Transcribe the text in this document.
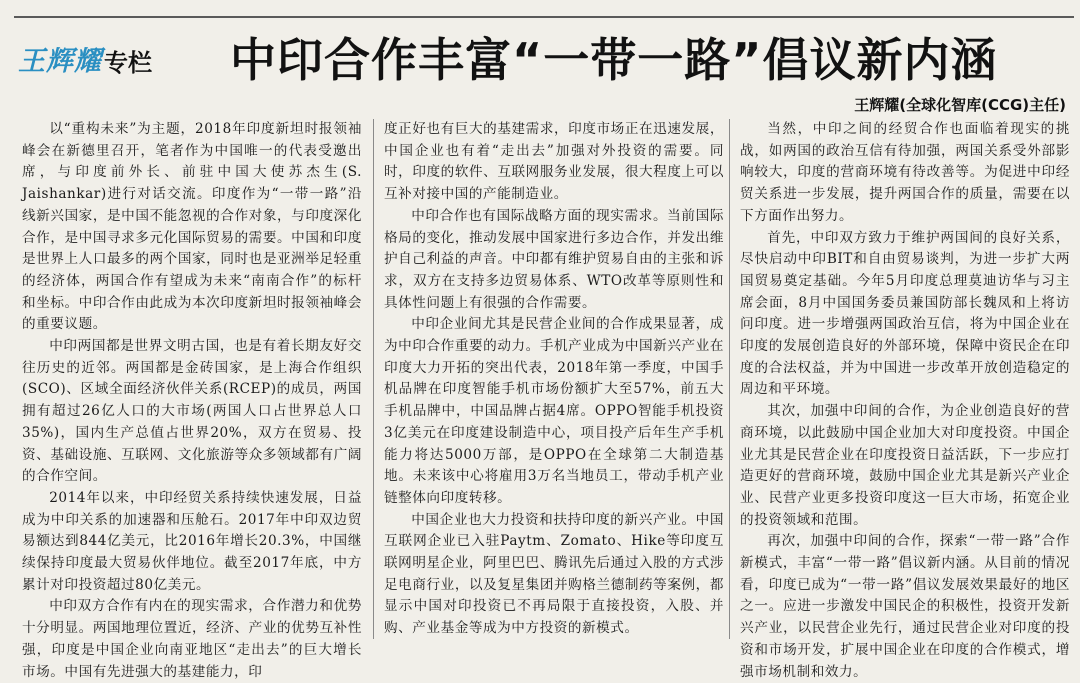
王辉耀 专栏 中印合作丰富“一带一路”倡议新内涵
王辉耀(全球化智库(CCG)主任)

以“重构未来”为主题，2018年印度新坦时报领袖峰会在新德里召开，笔者作为中国唯一的代表受邀出席，与印度前外长、前驻中国大使苏杰生(S. Jaishankar)进行对话交流。印度作为“一带一路”沿线新兴国家，是中国不能忽视的合作对象，与印度深化合作，是中国寻求多元化国际贸易的需要。中国和印度是世界上人口最多的两个国家，同时也是亚洲举足轻重的经济体，两国合作有望成为未来“南南合作”的标杆和坐标。中印合作由此成为本次印度新坦时报领袖峰会的重要议题。

中印两国都是世界文明古国，也是有着长期友好交往历史的近邻。两国都是金砖国家，是上海合作组织(SCO)、区域全面经济伙伴关系(RCEP)的成员，两国拥有超过26亿人口的大市场(两国人口占世界总人口35%)，国内生产总值占世界20%，双方在贸易、投资、基础设施、互联网、文化旅游等众多领域都有广阔的合作空间。

2014年以来，中印经贸关系持续快速发展，日益成为中印关系的加速器和压舱石。2017年中印双边贸易额达到844亿美元，比2016年增长20.3%，中国继续保持印度最大贸易伙伴地位。截至2017年底，中方累计对印投资超过80亿美元。

中印双方合作有内在的现实需求，合作潜力和优势十分明显。两国地理位置近，经济、产业的优势互补性强，印度是中国企业向南亚地区“走出去”的巨大增长市场。中国有先进强大的基建能力，印

度正好也有巨大的基建需求，印度市场正在迅速发展，中国企业也有着“走出去”加强对外投资的需要。同时，印度的软件、互联网服务业发展，很大程度上可以互补对接中国的产能制造业。

中印合作也有国际战略方面的现实需求。当前国际格局的变化，推动发展中国家进行多边合作，并发出维护自己利益的声音。中印都有维护贸易自由的主张和诉求，双方在支持多边贸易体系、WTO改革等原则性和具体性问题上有很强的合作需要。

中印企业间尤其是民营企业间的合作成果显著，成为中印合作重要的动力。手机产业成为中国新兴产业在印度大力开拓的突出代表，2018年第一季度，中国手机品牌在印度智能手机市场份额扩大至57%，前五大手机品牌中，中国品牌占据4席。OPPO智能手机投资3亿美元在印度建设制造中心，项目投产后年生产手机能力将达5000万部，是OPPO在全球第二大制造基地。未来该中心将雇用3万名当地员工，带动手机产业链整体向印度转移。

中国企业也大力投资和扶持印度的新兴产业。中国互联网企业已入驻Paytm、Zomato、Hike等印度互联网明星企业，阿里巴巴、腾讯先后通过入股的方式涉足电商行业，以及复星集团并购格兰德制药等案例，都显示中国对印投资已不再局限于直接投资，入股、并购、产业基金等成为中方投资的新模式。

当然，中印之间的经贸合作也面临着现实的挑战，如两国的政治互信有待加强，两国关系受外部影响较大，印度的营商环境有待改善等。为促进中印经贸关系进一步发展，提升两国合作的质量，需要在以下方面作出努力。

首先，中印双方致力于维护两国间的良好关系，尽快启动中印BIT和自由贸易谈判，为进一步扩大两国贸易奠定基础。今年5月印度总理莫迪访华与习主席会面，8月中国国务委员兼国防部长魏凤和上将访问印度。进一步增强两国政治互信，将为中国企业在印度的发展创造良好的外部环境，保障中资民企在印度的合法权益，并为中国进一步改革开放创造稳定的周边和平环境。

其次，加强中印间的合作，为企业创造良好的营商环境，以此鼓励中国企业加大对印度投资。中国企业尤其是民营企业在印度投资日益活跃，下一步应打造更好的营商环境，鼓励中国企业尤其是新兴产业企业、民营产业更多投资印度这一巨大市场，拓宽企业的投资领域和范围。

再次，加强中印间的合作，探索“一带一路”合作新模式，丰富“一带一路”倡议新内涵。从目前的情况看，印度已成为“一带一路”倡议发展效果最好的地区之一。应进一步激发中国民企的积极性，投资开发新兴产业，以民营企业先行，通过民营企业对印度的投资和市场开发，扩展中国企业在印度的合作模式，增强市场机制和效力。
